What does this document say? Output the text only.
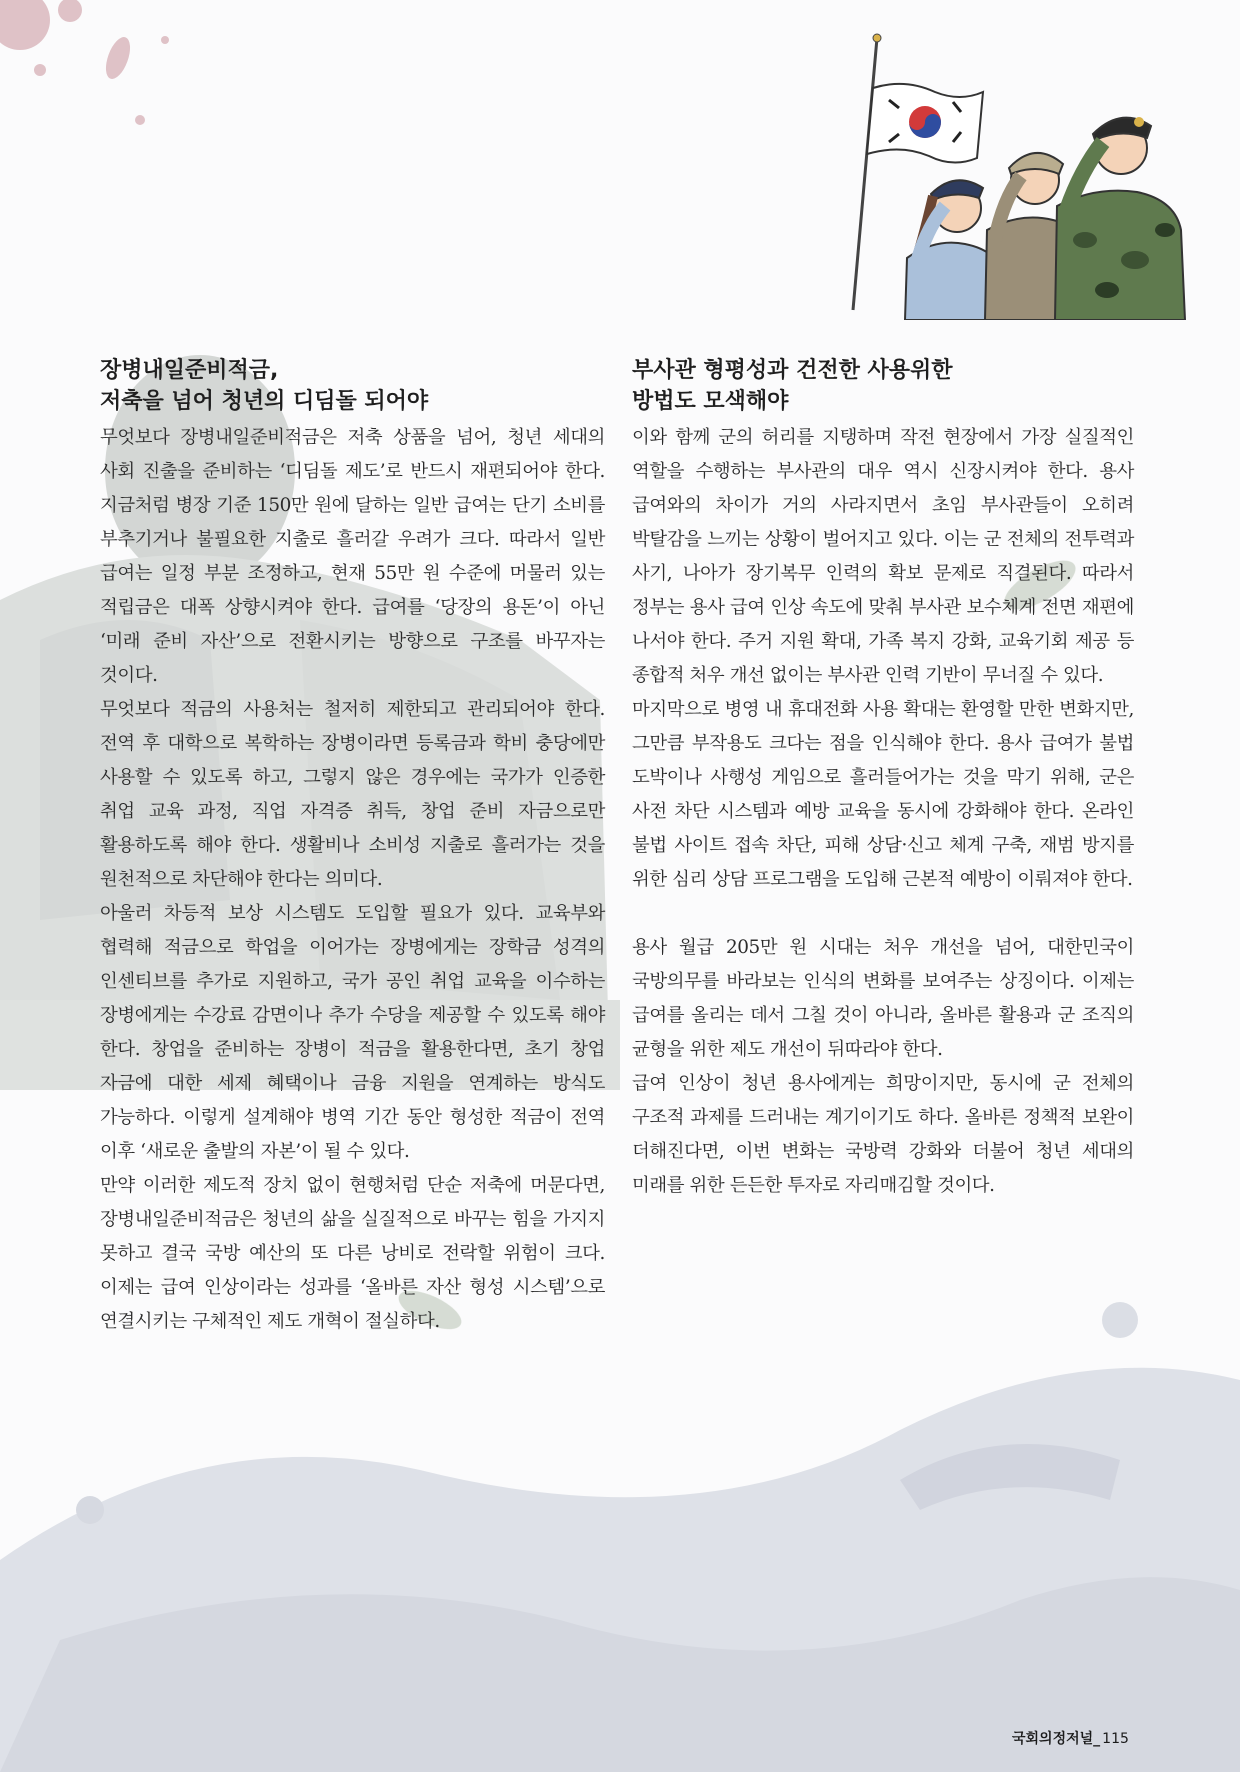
장병내일준비적금,
저축을 넘어 청년의 디딤돌 되어야

무엇보다 장병내일준비적금은 저축 상품을 넘어, 청년 세대의 사회 진출을 준비하는 ‘디딤돌 제도’로 반드시 재편되어야 한다. 지금처럼 병장 기준 150만 원에 달하는 일반 급여는 단기 소비를 부추기거나 불필요한 지출로 흘러갈 우려가 크다. 따라서 일반 급여는 일정 부분 조정하고, 현재 55만 원 수준에 머물러 있는 적립금은 대폭 상향시켜야 한다. 급여를 ‘당장의 용돈’이 아닌 ‘미래 준비 자산’으로 전환시키는 방향으로 구조를 바꾸자는 것이다.

무엇보다 적금의 사용처는 철저히 제한되고 관리되어야 한다. 전역 후 대학으로 복학하는 장병이라면 등록금과 학비 충당에만 사용할 수 있도록 하고, 그렇지 않은 경우에는 국가가 인증한 취업 교육 과정, 직업 자격증 취득, 창업 준비 자금으로만 활용하도록 해야 한다. 생활비나 소비성 지출로 흘러가는 것을 원천적으로 차단해야 한다는 의미다.

아울러 차등적 보상 시스템도 도입할 필요가 있다. 교육부와 협력해 적금으로 학업을 이어가는 장병에게는 장학금 성격의 인센티브를 추가로 지원하고, 국가 공인 취업 교육을 이수하는 장병에게는 수강료 감면이나 추가 수당을 제공할 수 있도록 해야 한다. 창업을 준비하는 장병이 적금을 활용한다면, 초기 창업 자금에 대한 세제 혜택이나 금융 지원을 연계하는 방식도 가능하다. 이렇게 설계해야 병역 기간 동안 형성한 적금이 전역 이후 ‘새로운 출발의 자본’이 될 수 있다.

만약 이러한 제도적 장치 없이 현행처럼 단순 저축에 머문다면, 장병내일준비적금은 청년의 삶을 실질적으로 바꾸는 힘을 가지지 못하고 결국 국방 예산의 또 다른 낭비로 전락할 위험이 크다. 이제는 급여 인상이라는 성과를 ‘올바른 자산 형성 시스템’으로 연결시키는 구체적인 제도 개혁이 절실하다.

부사관 형평성과 건전한 사용위한
방법도 모색해야

이와 함께 군의 허리를 지탱하며 작전 현장에서 가장 실질적인 역할을 수행하는 부사관의 대우 역시 신장시켜야 한다. 용사 급여와의 차이가 거의 사라지면서 초임 부사관들이 오히려 박탈감을 느끼는 상황이 벌어지고 있다. 이는 군 전체의 전투력과 사기, 나아가 장기복무 인력의 확보 문제로 직결된다. 따라서 정부는 용사 급여 인상 속도에 맞춰 부사관 보수체계 전면 재편에 나서야 한다. 주거 지원 확대, 가족 복지 강화, 교육기회 제공 등 종합적 처우 개선 없이는 부사관 인력 기반이 무너질 수 있다.

마지막으로 병영 내 휴대전화 사용 확대는 환영할 만한 변화지만, 그만큼 부작용도 크다는 점을 인식해야 한다. 용사 급여가 불법 도박이나 사행성 게임으로 흘러들어가는 것을 막기 위해, 군은 사전 차단 시스템과 예방 교육을 동시에 강화해야 한다. 온라인 불법 사이트 접속 차단, 피해 상담·신고 체계 구축, 재범 방지를 위한 심리 상담 프로그램을 도입해 근본적 예방이 이뤄져야 한다.

용사 월급 205만 원 시대는 처우 개선을 넘어, 대한민국이 국방의무를 바라보는 인식의 변화를 보여주는 상징이다. 이제는 급여를 올리는 데서 그칠 것이 아니라, 올바른 활용과 군 조직의 균형을 위한 제도 개선이 뒤따라야 한다.

급여 인상이 청년 용사에게는 희망이지만, 동시에 군 전체의 구조적 과제를 드러내는 계기이기도 하다. 올바른 정책적 보완이 더해진다면, 이번 변화는 국방력 강화와 더불어 청년 세대의 미래를 위한 든든한 투자로 자리매김할 것이다.

국회의정저널_ 115
